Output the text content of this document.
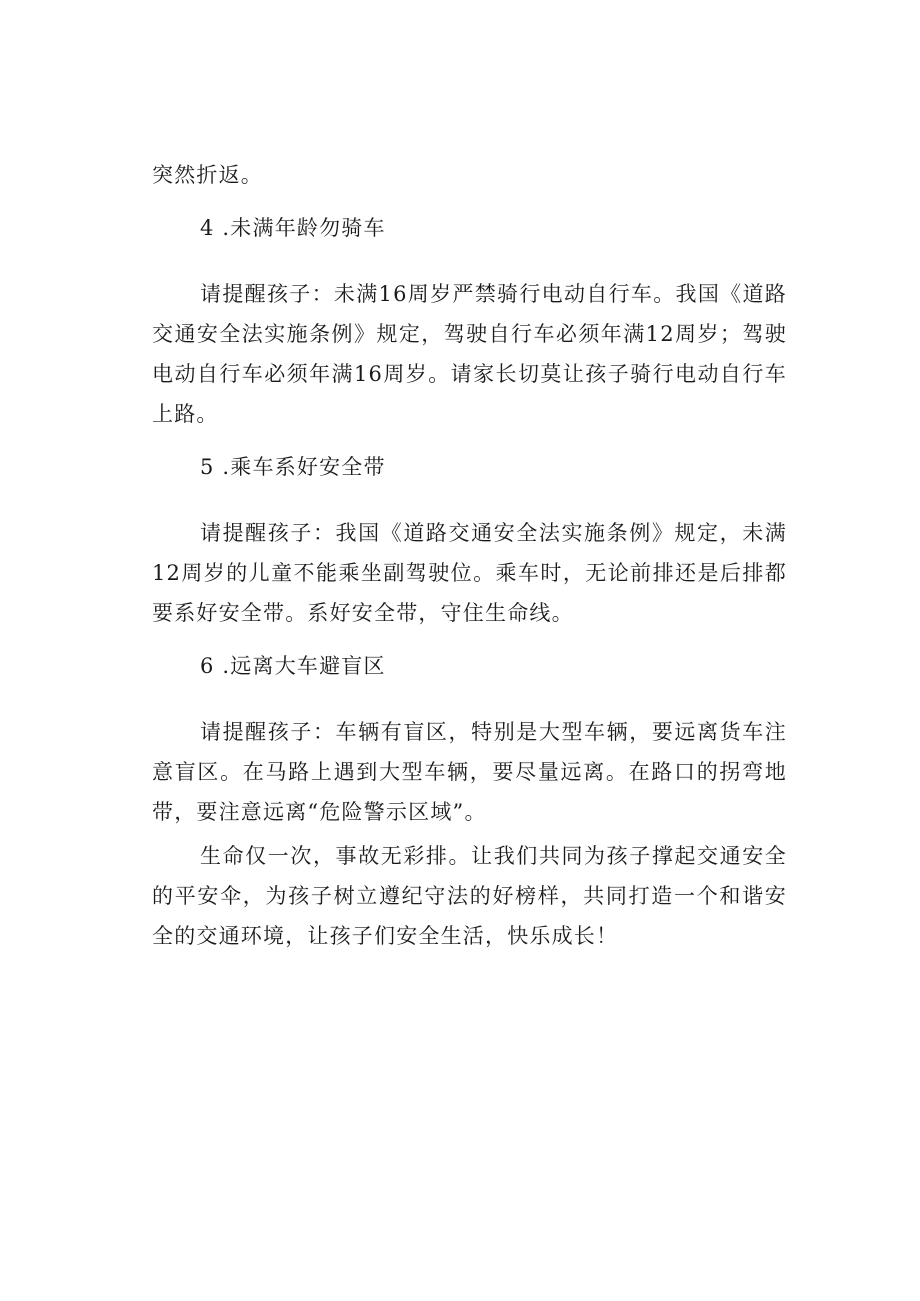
突然折返。

4 .未满年龄勿骑车

请提醒孩子：未满16周岁严禁骑行电动自行车。我国《道路交通安全法实施条例》规定，驾驶自行车必须年满12周岁；驾驶电动自行车必须年满16周岁。请家长切莫让孩子骑行电动自行车上路。

5 .乘车系好安全带

请提醒孩子：我国《道路交通安全法实施条例》规定，未满12周岁的儿童不能乘坐副驾驶位。乘车时，无论前排还是后排都要系好安全带。系好安全带，守住生命线。

6 .远离大车避盲区

请提醒孩子：车辆有盲区，特别是大型车辆，要远离货车注意盲区。在马路上遇到大型车辆，要尽量远离。在路口的拐弯地带，要注意远离“危险警示区域”。

生命仅一次，事故无彩排。让我们共同为孩子撑起交通安全的平安伞，为孩子树立遵纪守法的好榜样，共同打造一个和谐安全的交通环境，让孩子们安全生活，快乐成长！
